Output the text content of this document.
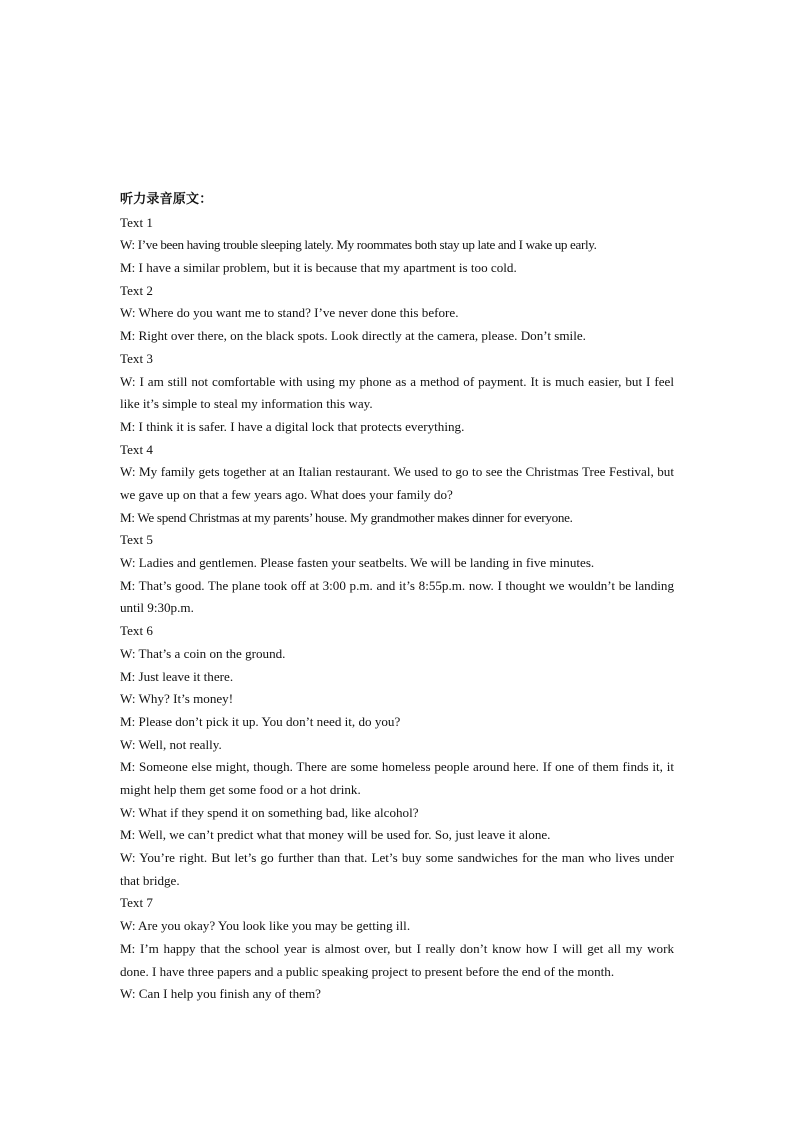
听力录音原文：
Text 1
W: I’ve been having trouble sleeping lately. My roommates both stay up late and I wake up early.
M: I have a similar problem, but it is because that my apartment is too cold.
Text 2
W: Where do you want me to stand? I’ve never done this before.
M: Right over there, on the black spots. Look directly at the camera, please. Don’t smile.
Text 3
W: I am still not comfortable with using my phone as a method of payment. It is much easier, but I feel like it’s simple to steal my information this way.
M: I think it is safer. I have a digital lock that protects everything.
Text 4
W: My family gets together at an Italian restaurant. We used to go to see the Christmas Tree Festival, but we gave up on that a few years ago. What does your family do?
M: We spend Christmas at my parents’ house. My grandmother makes dinner for everyone.
Text 5
W: Ladies and gentlemen. Please fasten your seatbelts. We will be landing in five minutes.
M: That’s good. The plane took off at 3:00 p.m. and it’s 8:55p.m. now. I thought we wouldn’t be landing until 9:30p.m.
Text 6
W: That’s a coin on the ground.
M: Just leave it there.
W: Why? It’s money!
M: Please don’t pick it up. You don’t need it, do you?
W: Well, not really.
M: Someone else might, though. There are some homeless people around here. If one of them finds it, it might help them get some food or a hot drink.
W: What if they spend it on something bad, like alcohol?
M: Well, we can’t predict what that money will be used for. So, just leave it alone.
W: You’re right. But let’s go further than that. Let’s buy some sandwiches for the man who lives under that bridge.
Text 7
W: Are you okay? You look like you may be getting ill.
M: I’m happy that the school year is almost over, but I really don’t know how I will get all my work done. I have three papers and a public speaking project to present before the end of the month.
W: Can I help you finish any of them?
